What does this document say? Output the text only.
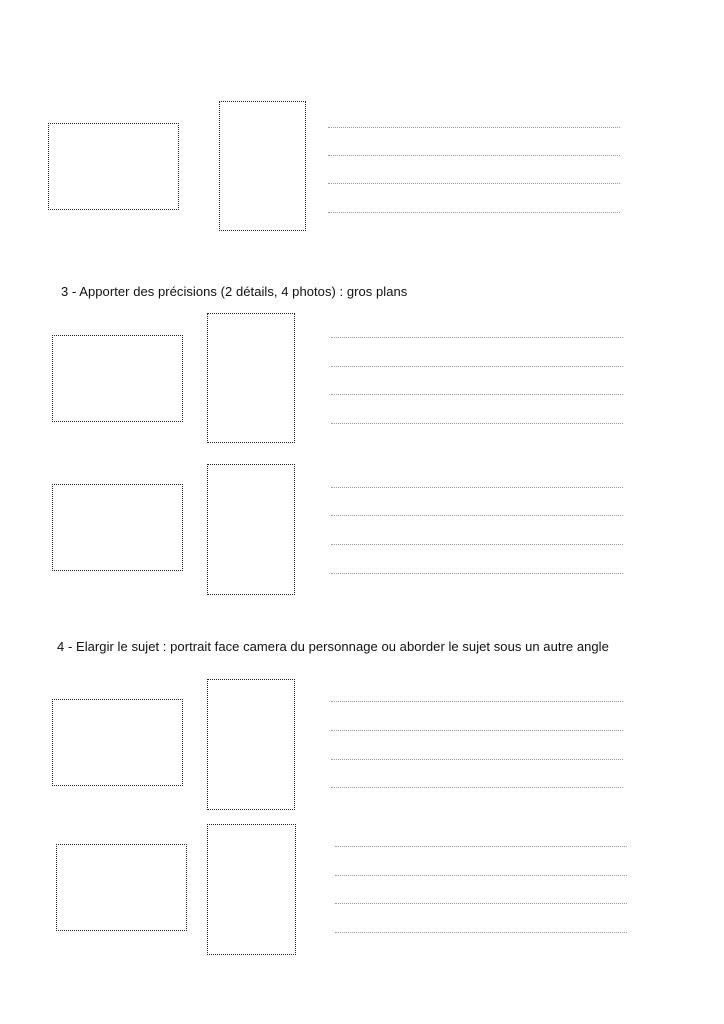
3 - Apporter des précisions (2 détails, 4 photos) : gros plans
4 - Elargir le sujet : portrait face camera du personnage ou aborder le sujet sous un autre angle
